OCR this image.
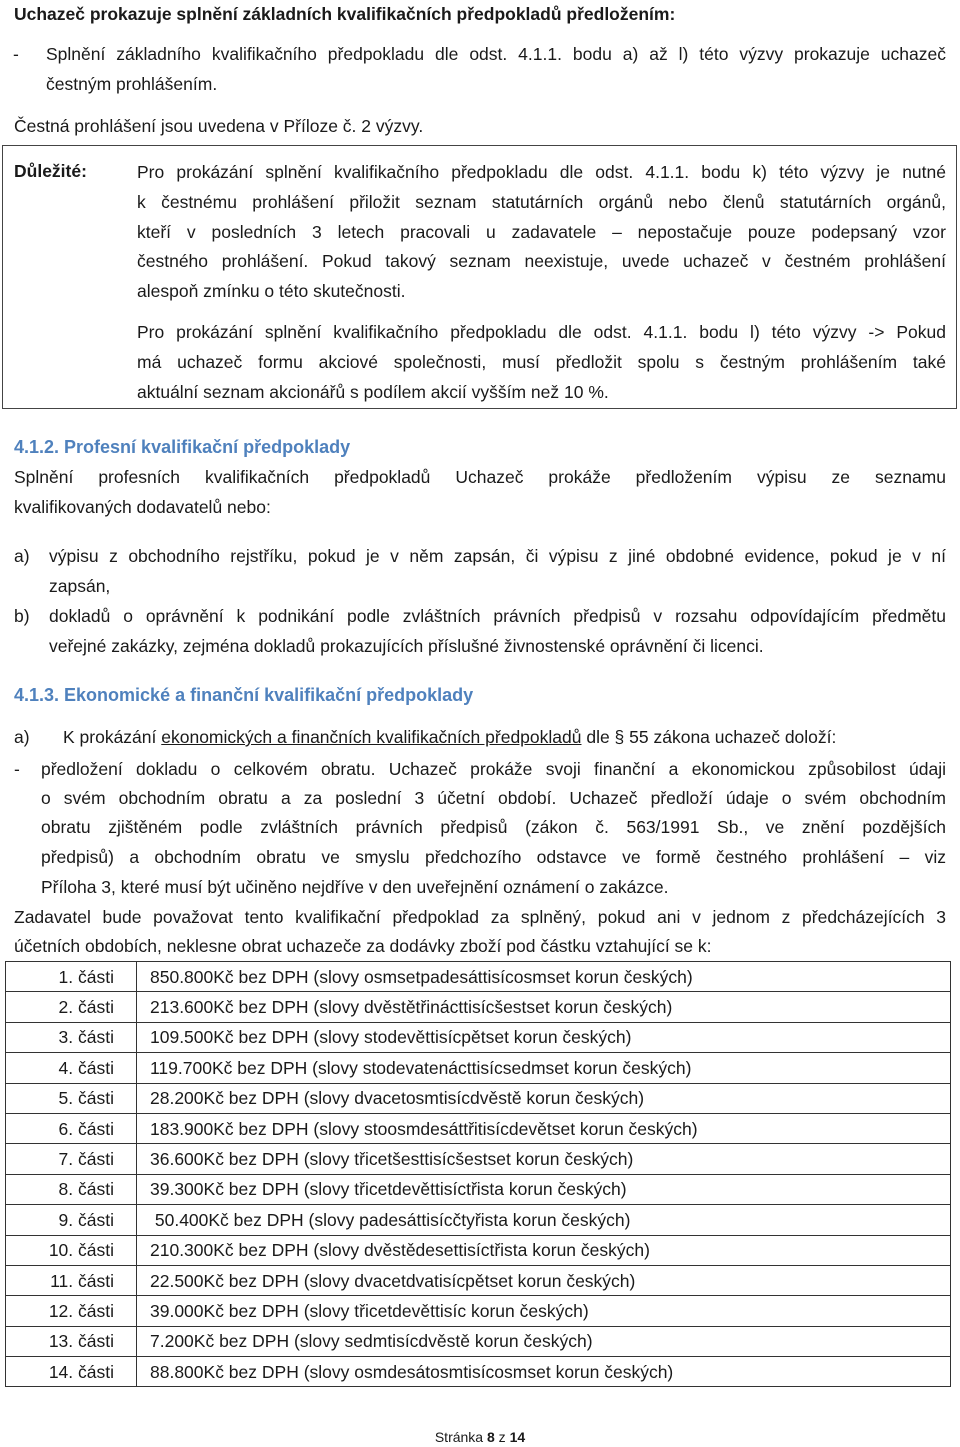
Uchazeč prokazuje splnění základních kvalifikačních předpokladů předložením:
- Splnění základního kvalifikačního předpokladu dle odst. 4.1.1. bodu a) až l) této výzvy prokazuje uchazeč
čestným prohlášením.
Čestná prohlášení jsou uvedena v Příloze č. 2 výzvy.
Důležité:	Pro prokázání splnění kvalifikačního předpokladu dle odst. 4.1.1. bodu k) této výzvy je nutné
k čestnému prohlášení přiložit seznam statutárních orgánů nebo členů statutárních orgánů,
kteří v posledních 3 letech pracovali u zadavatele – nepostačuje pouze podepsaný vzor
čestného prohlášení. Pokud takový seznam neexistuje, uvede uchazeč v čestném prohlášení
alespoň zmínku o této skutečnosti.
Pro prokázání splnění kvalifikačního předpokladu dle odst. 4.1.1. bodu l) této výzvy -> Pokud
má uchazeč formu akciové společnosti, musí předložit spolu s čestným prohlášením také
aktuální seznam akcionářů s podílem akcií vyšším než 10 %.
4.1.2. Profesní kvalifikační předpoklady
Splnění profesních kvalifikačních předpokladů Uchazeč prokáže předložením výpisu ze seznamu
kvalifikovaných dodavatelů nebo:
a) výpisu z obchodního rejstříku, pokud je v něm zapsán, či výpisu z jiné obdobné evidence, pokud je v ní
zapsán,
b) dokladů o oprávnění k podnikání podle zvláštních právních předpisů v rozsahu odpovídajícím předmětu
veřejné zakázky, zejména dokladů prokazujících příslušné živnostenské oprávnění či licenci.
4.1.3. Ekonomické a finanční kvalifikační předpoklady
a) K prokázání ekonomických a finančních kvalifikačních předpokladů dle § 55 zákona uchazeč doloží:
- předložení dokladu o celkovém obratu. Uchazeč prokáže svoji finanční a ekonomickou způsobilost údaji
o svém obchodním obratu a za poslední 3 účetní období. Uchazeč předloží údaje o svém obchodním
obratu zjištěném podle zvláštních právních předpisů (zákon č. 563/1991 Sb., ve znění pozdějších
předpisů) a obchodním obratu ve smyslu předchozího odstavce ve formě čestného prohlášení – viz
Příloha 3, které musí být učiněno nejdříve v den uveřejnění oznámení o zakázce.
Zadavatel bude považovat tento kvalifikační předpoklad za splněný, pokud ani v jednom z předcházejících 3
účetních obdobích, neklesne obrat uchazeče za dodávky zboží pod částku vztahující se k:
1. části	850.800Kč bez DPH (slovy osmsetpadesáttisícosmset korun českých)
2. části	213.600Kč bez DPH (slovy dvěstětřinácttisícšestset korun českých)
3. části	109.500Kč bez DPH (slovy stodevěttisícpětset korun českých)
4. části	119.700Kč bez DPH (slovy stodevatenácttisícsedmset korun českých)
5. části	28.200Kč bez DPH (slovy dvacetosmtisícdvěstě korun českých)
6. části	183.900Kč bez DPH (slovy stoosmdesáttřitisícdevětset korun českých)
7. části	36.600Kč bez DPH (slovy třicetšesttisícšestset korun českých)
8. části	39.300Kč bez DPH (slovy třicetdevěttisíctřista korun českých)
9. části	50.400Kč bez DPH (slovy padesáttisícčtyřista korun českých)
10. části	210.300Kč bez DPH (slovy dvěstědesettisíctřista korun českých)
11. části	22.500Kč bez DPH (slovy dvacetdvatisícpětset korun českých)
12. části	39.000Kč bez DPH (slovy třicetdevěttisíc korun českých)
13. části	7.200Kč bez DPH (slovy sedmtisícdvěstě korun českých)
14. části	88.800Kč bez DPH (slovy osmdesátosmtisícosmset korun českých)
Stránka 8 z 14
